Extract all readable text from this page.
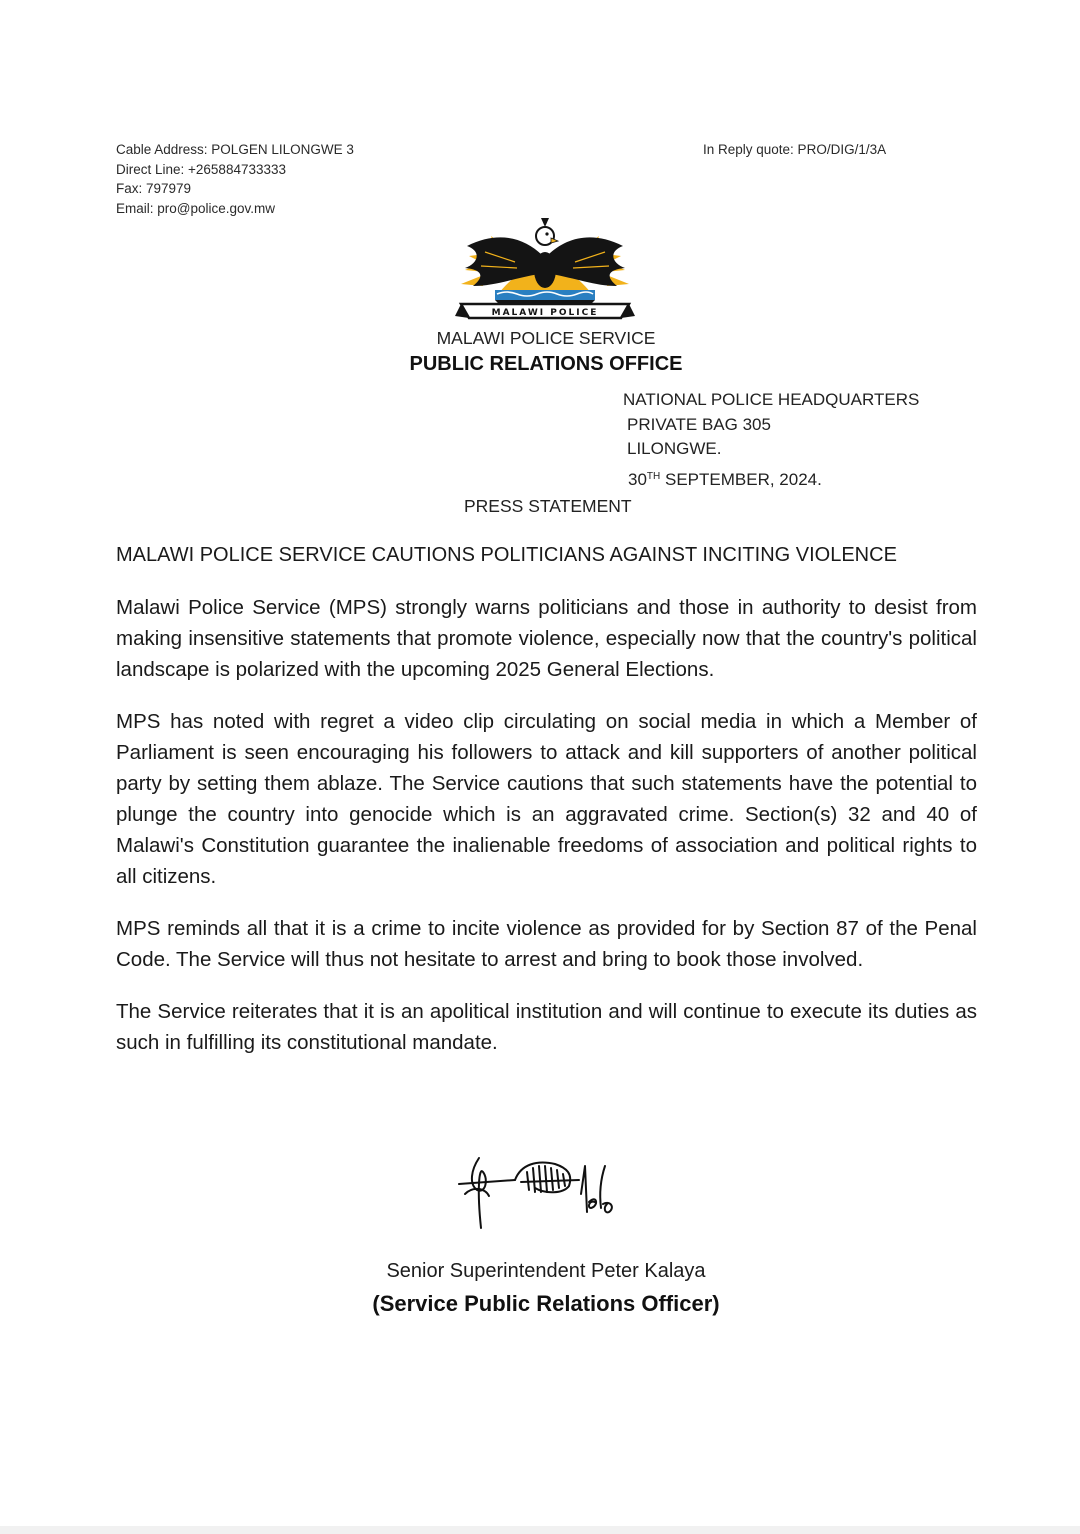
Cable Address: POLGEN LILONGWE 3
Direct Line: +265884733333
Fax: 797979
Email: pro@police.gov.mw
In Reply quote: PRO/DIG/1/3A
MALAWI POLICE
MALAWI POLICE SERVICE
PUBLIC RELATIONS OFFICE
NATIONAL POLICE HEADQUARTERS
PRIVATE BAG 305
LILONGWE.
30TH SEPTEMBER, 2024.
PRESS STATEMENT
MALAWI POLICE SERVICE CAUTIONS POLITICIANS AGAINST INCITING VIOLENCE

Malawi Police Service (MPS) strongly warns politicians and those in authority to desist from making insensitive statements that promote violence, especially now that the country's political landscape is polarized with the upcoming 2025 General Elections.

MPS has noted with regret a video clip circulating on social media in which a Member of Parliament is seen encouraging his followers to attack and kill supporters of another political party by setting them ablaze. The Service cautions that such statements have the potential to plunge the country into genocide which is an aggravated crime. Section(s) 32 and 40 of Malawi's Constitution guarantee the inalienable freedoms of association and political rights to all citizens.

MPS reminds all that it is a crime to incite violence as provided for by Section 87 of the Penal Code. The Service will thus not hesitate to arrest and bring to book those involved.

The Service reiterates that it is an apolitical institution and will continue to execute its duties as such in fulfilling its constitutional mandate.

Senior Superintendent Peter Kalaya
(Service Public Relations Officer)
